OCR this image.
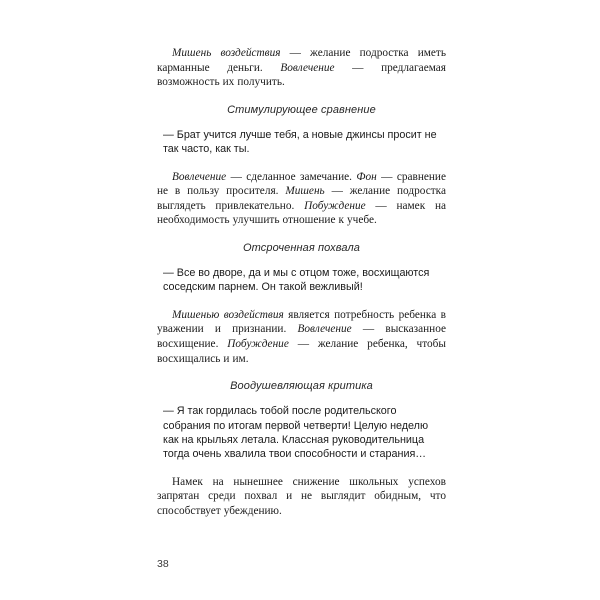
Мишень воздействия — желание подростка иметь карманные деньги. Вовлечение — предлагаемая возможность их получить.

Стимулирующее сравнение

— Брат учится лучше тебя, а новые джинсы просит не так часто, как ты.

Вовлечение — сделанное замечание. Фон — сравнение не в пользу просителя. Мишень — желание подростка выглядеть привлекательно. Побуждение — намек на необходимость улучшить отношение к учебе.

Отсроченная похвала

— Все во дворе, да и мы с отцом тоже, восхищаются соседским парнем. Он такой вежливый!

Мишенью воздействия является потребность ребенка в уважении и признании. Вовлечение — высказанное восхищение. Побуждение — желание ребенка, чтобы восхищались и им.

Воодушевляющая критика

— Я так гордилась тобой после родительского собрания по итогам первой четверти! Целую неделю как на крыльях летала. Классная руководительница тогда очень хвалила твои способности и старания…

Намек на нынешнее снижение школьных успехов запрятан среди похвал и не выглядит обидным, что способствует убеждению.

38
